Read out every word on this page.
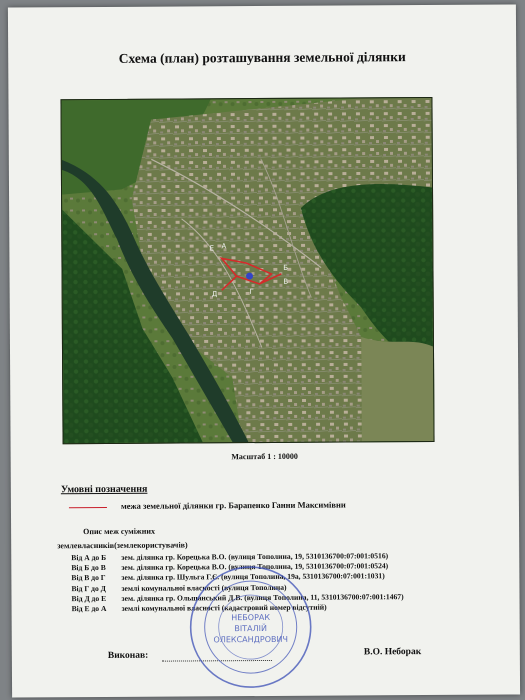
Схема (план) розташування земельної ділянки
Е А
Б
В
Г
Д
Масштаб 1 : 10000
Умовні позначення
межа земельної ділянки гр. Барапенко Ганни Максимівни
Опис меж суміжних
землевласників(землекористувачів)
Від А до Б	зем. ділянка гр. Корецька В.О. (вулиця Тополина, 19, 5310136700:07:001:0516)
Від Б до В	зем. ділянка гр. Корецька В.О. (вулиця Тополина, 19, 5310136700:07:001:0524)
Від В до Г	зем. ділянка гр. Шульга Г.Є. (вулиця Тополина, 19а, 5310136700:07:001:1031)
Від Г до Д	землі комунальної власності (вулиця Тополина)
Від Д до Е	зем. ділянка гр. Ольшанський Д.В. (вулиця Тополина, 11, 5310136700:07:001:1467)
Від Е до А	землі комунальної власності (кадастровий номер відсутній)
Виконав:	В.О. Неборак
НЕБОРАК
ВІТАЛІЙ
ОЛЕКСАНДРОВИЧ
